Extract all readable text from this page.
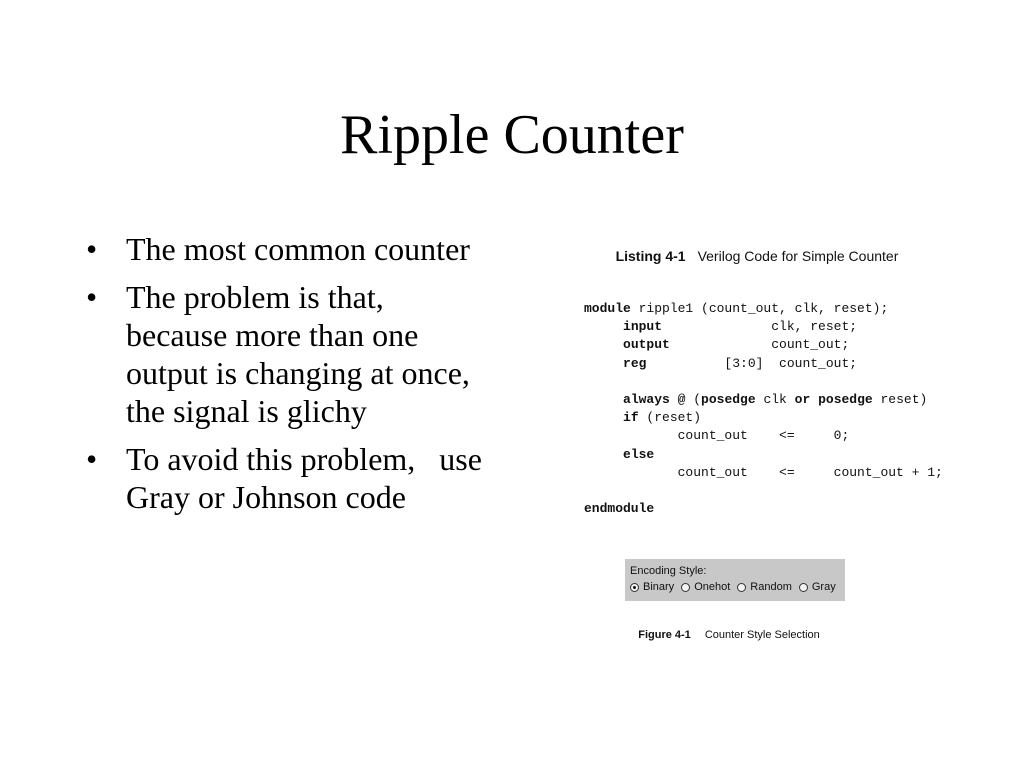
Ripple Counter
• The most common counter
• The problem is that,
because more than one
output is changing at once,
the signal is glichy
• To avoid this problem,   use
Gray or Johnson code

Listing 4-1 Verilog Code for Simple Counter

module ripple1 (count_out, clk, reset);
input              clk, reset;
output             count_out;
reg          [3:0]  count_out;
always @ (posedge clk or posedge reset)
if (reset)
count_out    <=     0;
else
count_out    <=     count_out + 1;
endmodule
Encoding Style:
Binary Onehot Random Gray

Figure 4-1 Counter Style Selection
